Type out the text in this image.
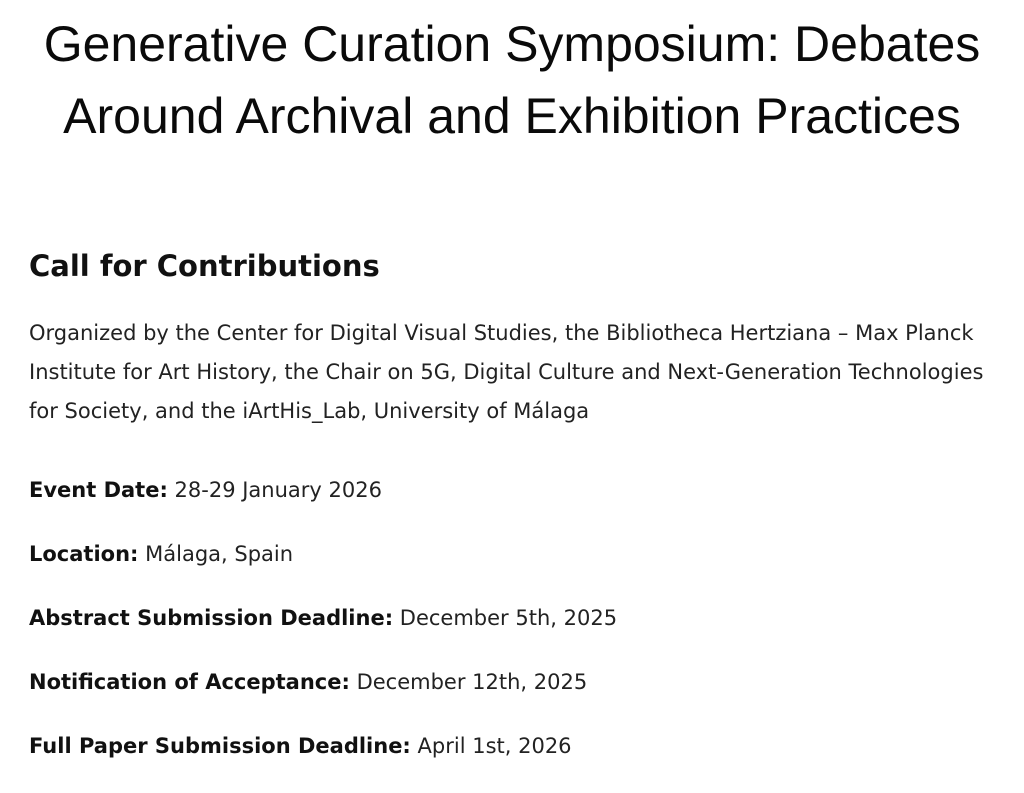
Generative Curation Symposium: Debates Around Archival and Exhibition Practices
Call for Contributions

Organized by the Center for Digital Visual Studies, the Bibliotheca Hertziana – Max Planck Institute for Art History, the Chair on 5G, Digital Culture and Next-Generation Technologies for Society, and the iArtHis_Lab, University of Málaga

Event Date: 28-29 January 2026

Location: Málaga, Spain

Abstract Submission Deadline: December 5th, 2025

Notification of Acceptance: December 12th, 2025

Full Paper Submission Deadline: April 1st, 2026
